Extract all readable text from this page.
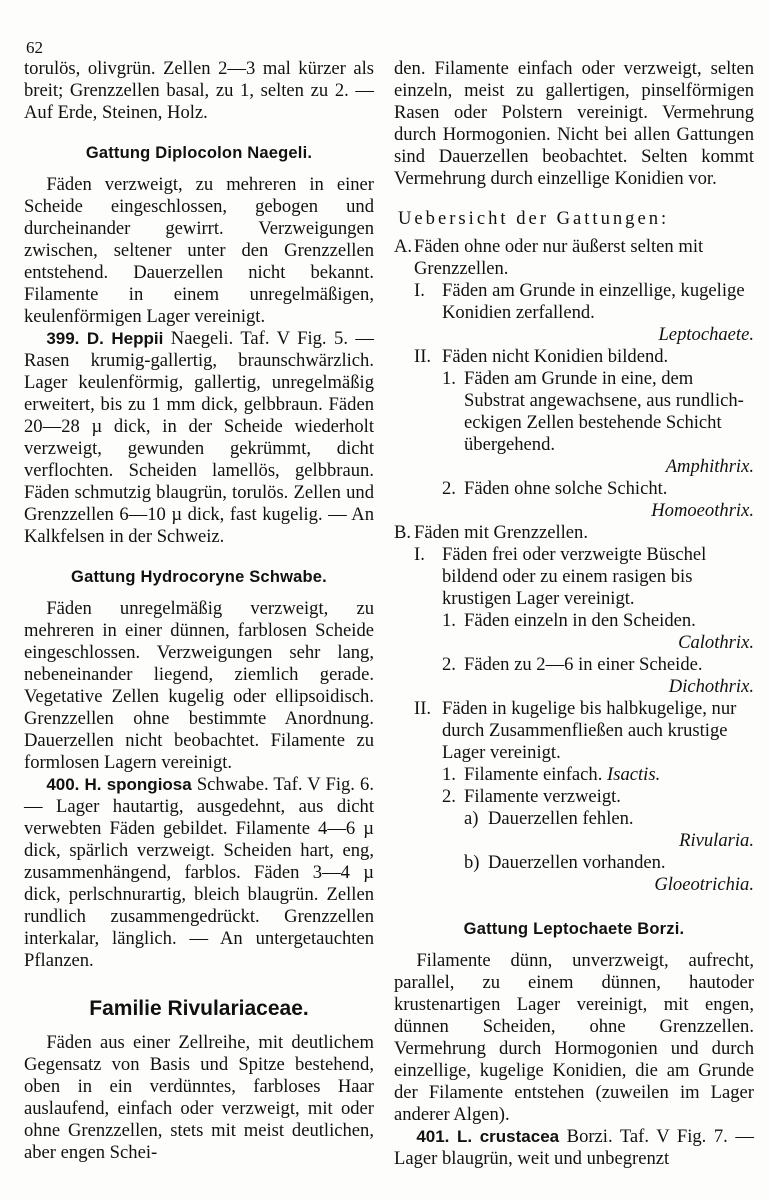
62

torulös, olivgrün. Zellen 2—3 mal kürzer als breit; Grenzzellen basal, zu 1, selten zu 2. — Auf Erde, Steinen, Holz.

Gattung Diplocolon Naegeli.

Fäden verzweigt, zu mehreren in einer Scheide eingeschlossen, gebogen und durcheinander gewirrt. Verzweigungen zwischen, seltener unter den Grenzzellen entstehend. Dauerzellen nicht bekannt. Filamente in einem unregelmäßigen, keulenförmigen Lager vereinigt.

399. D. Heppii Naegeli. Taf. V Fig. 5. — Rasen krumig-gallertig, braunschwärzlich. Lager keulenförmig, gallertig, unregelmäßig erweitert, bis zu 1 mm dick, gelbbraun. Fäden 20—28 µ dick, in der Scheide wiederholt verzweigt, gewunden gekrümmt, dicht verflochten. Scheiden lamellös, gelbbraun. Fäden schmutzig blaugrün, torulös. Zellen und Grenzzellen 6—10 µ dick, fast kugelig. — An Kalkfelsen in der Schweiz.

Gattung Hydrocoryne Schwabe.

Fäden unregelmäßig verzweigt, zu mehreren in einer dünnen, farblosen Scheide eingeschlossen. Verzweigungen sehr lang, nebeneinander liegend, ziemlich gerade. Vegetative Zellen kugelig oder ellipsoidisch. Grenzzellen ohne bestimmte Anordnung. Dauerzellen nicht beobachtet. Filamente zu formlosen Lagern vereinigt.

400. H. spongiosa Schwabe. Taf. V Fig. 6. — Lager hautartig, ausgedehnt, aus dicht verwebten Fäden gebildet. Filamente 4—6 µ dick, spärlich verzweigt. Scheiden hart, eng, zusammenhängend, farblos. Fäden 3—4 µ dick, perlschnurartig, bleich blaugrün. Zellen rundlich zusammengedrückt. Grenzzellen interkalar, länglich. — An untergetauchten Pflanzen.

Familie Rivulariaceae.

Fäden aus einer Zellreihe, mit deutlichem Gegensatz von Basis und Spitze bestehend, oben in ein verdünntes, farbloses Haar auslaufend, einfach oder verzweigt, mit oder ohne Grenzzellen, stets mit meist deutlichen, aber engen Schei-

den. Filamente einfach oder verzweigt, selten einzeln, meist zu gallertigen, pinselförmigen Rasen oder Polstern vereinigt. Vermehrung durch Hormogonien. Nicht bei allen Gattungen sind Dauerzellen beobachtet. Selten kommt Vermehrung durch einzellige Konidien vor.

Uebersicht der Gattungen:
A. Fäden ohne oder nur äußerst selten mit Grenzzellen.
I. Fäden am Grunde in einzellige, kugelige Konidien zerfallend.
Leptochaete.
II. Fäden nicht Konidien bildend.
1. Fäden am Grunde in eine, dem Substrat angewachsene, aus rundlich-eckigen Zellen bestehende Schicht übergehend.
Amphithrix.
2. Fäden ohne solche Schicht.
Homoeothrix.
B. Fäden mit Grenzzellen.
I. Fäden frei oder verzweigte Büschel bildend oder zu einem rasigen bis krustigen Lager vereinigt.
1. Fäden einzeln in den Scheiden.
Calothrix.
2. Fäden zu 2—6 in einer Scheide.
Dichothrix.
II. Fäden in kugelige bis halbkugelige, nur durch Zusammenfließen auch krustige Lager vereinigt.
1. Filamente einfach. Isactis.
2. Filamente verzweigt.
a) Dauerzellen fehlen.
Rivularia.
b) Dauerzellen vorhanden.
Gloeotrichia.
Gattung Leptochaete Borzi.

Filamente dünn, unverzweigt, aufrecht, parallel, zu einem dünnen, hautoder krustenartigen Lager vereinigt, mit engen, dünnen Scheiden, ohne Grenzzellen. Vermehrung durch Hormogonien und durch einzellige, kugelige Konidien, die am Grunde der Filamente entstehen (zuweilen im Lager anderer Algen).

401. L. crustacea Borzi. Taf. V Fig. 7. — Lager blaugrün, weit und unbegrenzt
